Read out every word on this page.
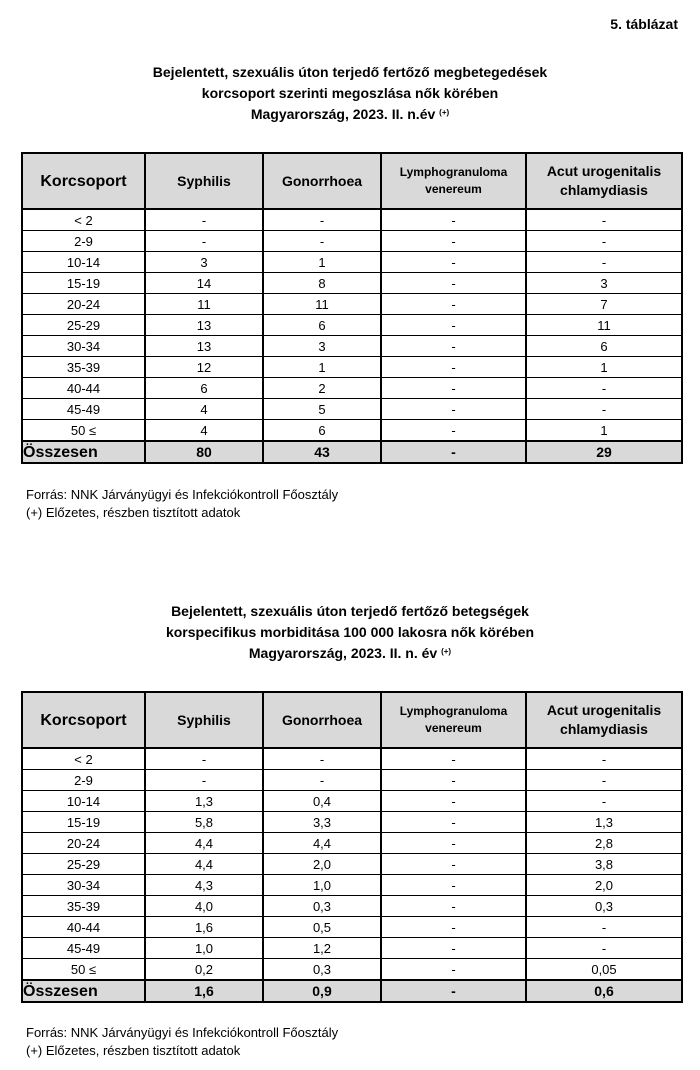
5. táblázat
Bejelentett, szexuális úton terjedő fertőző megbetegedések
korcsoport szerinti megoszlása nők körében
Magyarország, 2023. II. n.év (+)
Korcsoport	Syphilis	Gonorrhoea	Lymphogranuloma venereum	Acut urogenitalis chlamydiasis
< 2	-	-	-	-
2-9	-	-	-	-
10-14	3	1	-	-
15-19	14	8	-	3
20-24	11	11	-	7
25-29	13	6	-	11
30-34	13	3	-	6
35-39	12	1	-	1
40-44	6	2	-	-
45-49	4	5	-	-
50 ≤	4	6	-	1
Összesen	80	43	-	29
Forrás: NNK Járványügyi és Infekciókontroll Főosztály
(+) Előzetes, részben tisztított adatok
Bejelentett, szexuális úton terjedő fertőző betegségek
korspecifikus morbiditása 100 000 lakosra nők körében
Magyarország, 2023. II. n. év (+)
Korcsoport	Syphilis	Gonorrhoea	Lymphogranuloma venereum	Acut urogenitalis chlamydiasis
< 2	-	-	-	-
2-9	-	-	-	-
10-14	1,3	0,4	-	-
15-19	5,8	3,3	-	1,3
20-24	4,4	4,4	-	2,8
25-29	4,4	2,0	-	3,8
30-34	4,3	1,0	-	2,0
35-39	4,0	0,3	-	0,3
40-44	1,6	0,5	-	-
45-49	1,0	1,2	-	-
50 ≤	0,2	0,3	-	0,05
Összesen	1,6	0,9	-	0,6
Forrás: NNK Járványügyi és Infekciókontroll Főosztály
(+) Előzetes, részben tisztított adatok
